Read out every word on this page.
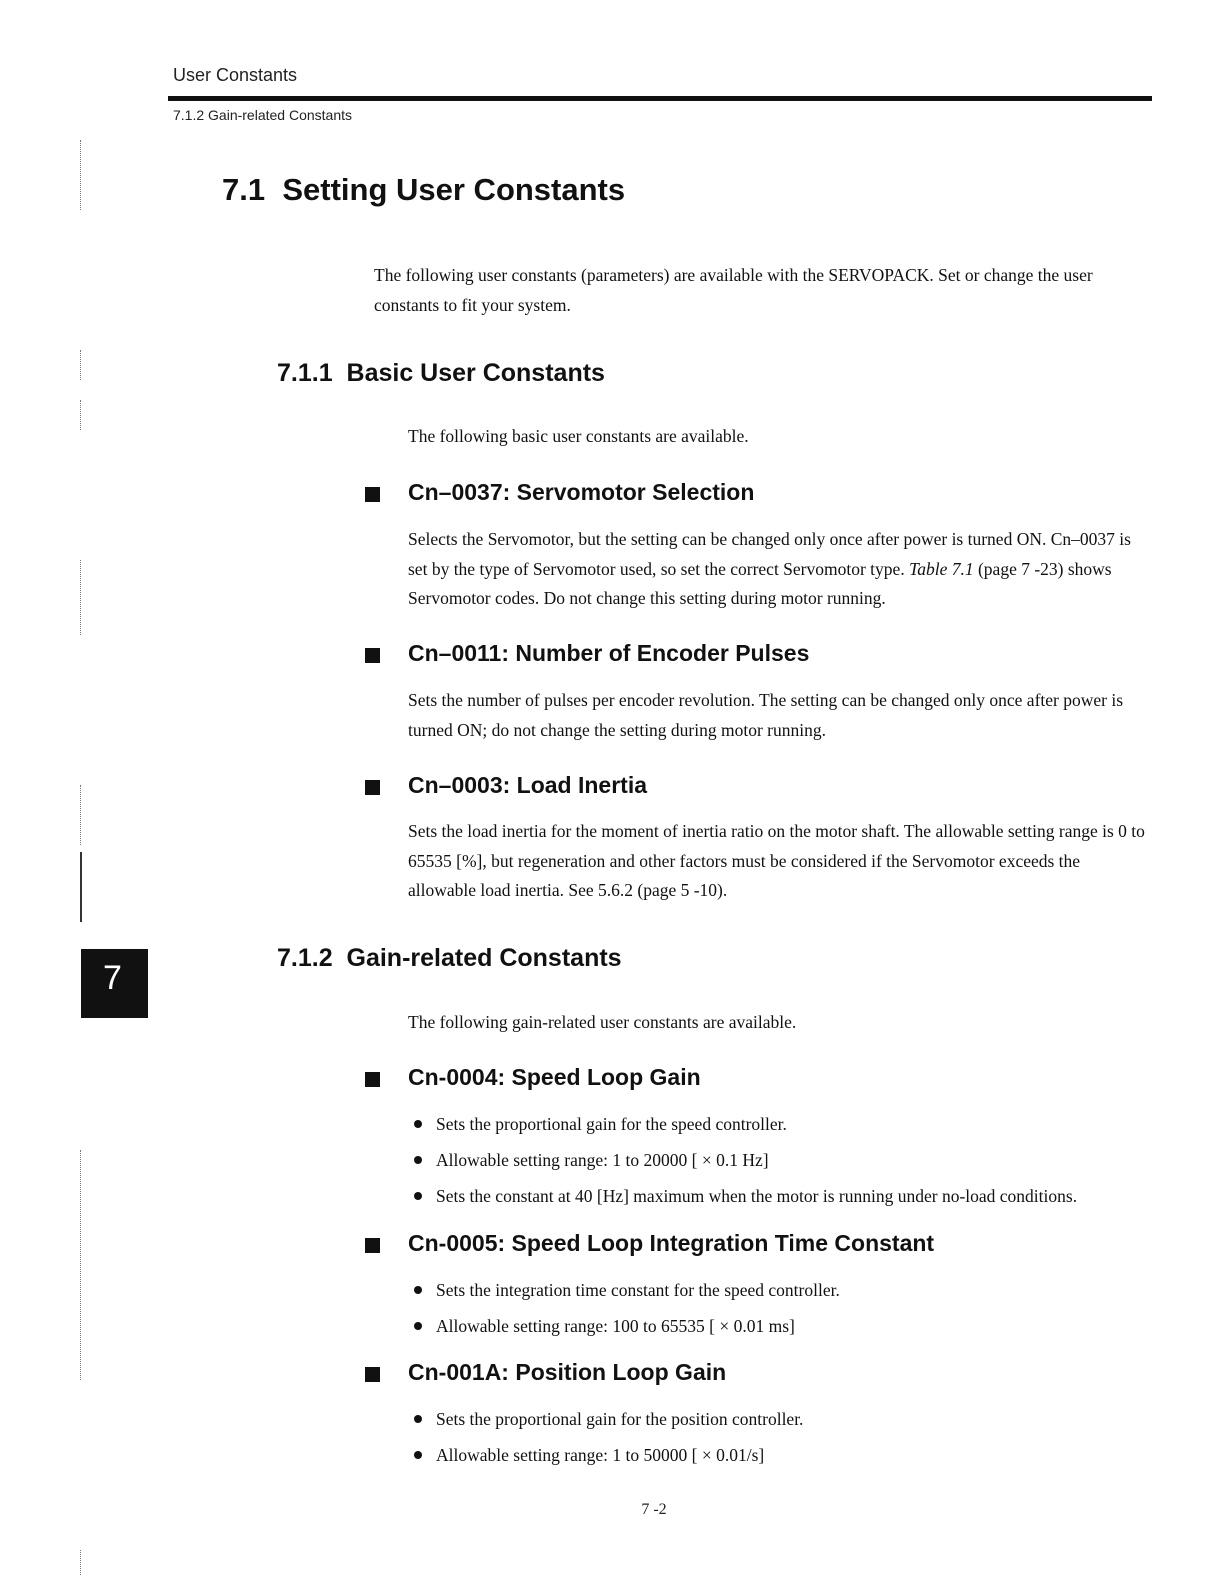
User Constants
7.1.2 Gain-related Constants
7
7.1 Setting User Constants
The following user constants (parameters) are available with the SERVOPACK. Set or change the user constants to fit your system.
7.1.1 Basic User Constants
The following basic user constants are available.
Cn–0037: Servomotor Selection
Selects the Servomotor, but the setting can be changed only once after power is turned ON. Cn–0037 is set by the type of Servomotor used, so set the correct Servomotor type. Table 7.1 (page 7 -23) shows Servomotor codes. Do not change this setting during motor running.
Cn–0011: Number of Encoder Pulses
Sets the number of pulses per encoder revolution. The setting can be changed only once after power is turned ON; do not change the setting during motor running.
Cn–0003: Load Inertia
Sets the load inertia for the moment of inertia ratio on the motor shaft. The allowable setting range is 0 to 65535 [%], but regeneration and other factors must be considered if the Servomotor exceeds the allowable load inertia. See 5.6.2 (page 5 -10).
7.1.2 Gain-related Constants
The following gain-related user constants are available.
Cn-0004: Speed Loop Gain
Sets the proportional gain for the speed controller.
Allowable setting range: 1 to 20000 [ × 0.1 Hz]
Sets the constant at 40 [Hz] maximum when the motor is running under no-load conditions.
Cn-0005: Speed Loop Integration Time Constant
Sets the integration time constant for the speed controller.
Allowable setting range: 100 to 65535 [ × 0.01 ms]
Cn-001A: Position Loop Gain
Sets the proportional gain for the position controller.
Allowable setting range: 1 to 50000 [ × 0.01/s]
7 -2
